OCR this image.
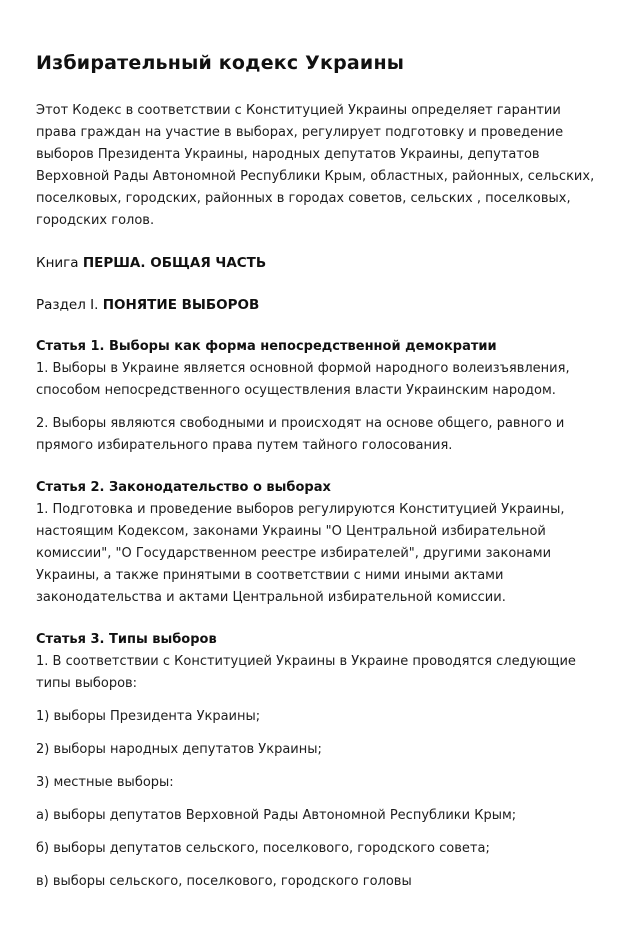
Избирательный кодекс Украины

Этот Кодекс в соответствии с Конституцией Украины определяет гарантии права граждан на участие в выборах, регулирует подготовку и проведение выборов Президента Украины, народных депутатов Украины, депутатов Верховной Рады Автономной Республики Крым, областных, районных, сельских, поселковых, городских, районных в городах советов, сельских , поселковых, городских голов.

Книга ПЕРША. ОБЩАЯ ЧАСТЬ
Раздел I. ПОНЯТИЕ ВЫБОРОВ
Статья 1. Выборы как форма непосредственной демократии

1. Выборы в Украине является основной формой народного волеизъявления, способом непосредственного осуществления власти Украинским народом.

2. Выборы являются свободными и происходят на основе общего, равного и прямого избирательного права путем тайного голосования.

Статья 2. Законодательство о выборах

1. Подготовка и проведение выборов регулируются Конституцией Украины, настоящим Кодексом, законами Украины "О Центральной избирательной комиссии", "О Государственном реестре избирателей", другими законами Украины, а также принятыми в соответствии с ними иными актами законодательства и актами Центральной избирательной комиссии.

Статья 3. Типы выборов

1. В соответствии с Конституцией Украины в Украине проводятся следующие типы выборов:

1) выборы Президента Украины;

2) выборы народных депутатов Украины;

3) местные выборы:

а) выборы депутатов Верховной Рады Автономной Республики Крым;

б) выборы депутатов сельского, поселкового, городского совета;

в) выборы сельского, поселкового, городского головы
